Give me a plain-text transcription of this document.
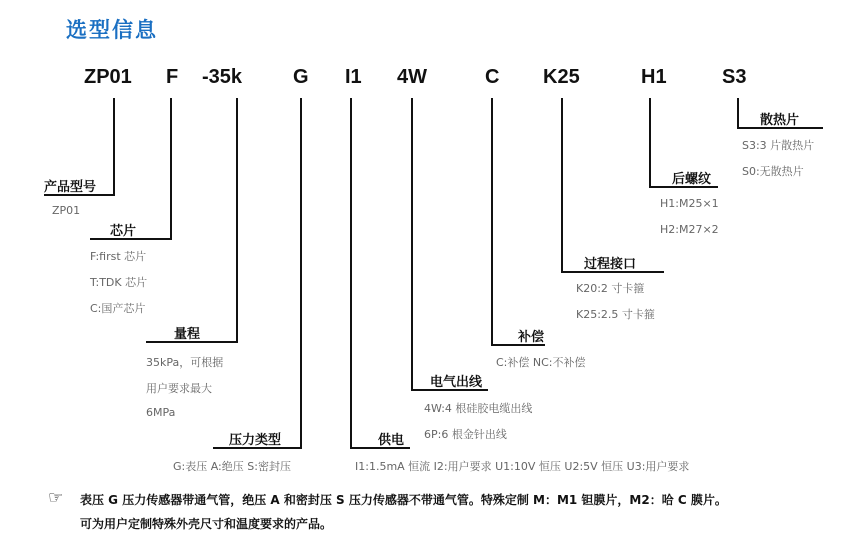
选型信息
ZP01 F -35k	G I1 4W	C K25	H1	S3
产品型号
ZP01
芯片
F:first 芯片
T:TDK 芯片
C:国产芯片
量程
35kPa，可根据
用户要求最大
6MPa
压力类型
G:表压 A:绝压 S:密封压
供电
I1:1.5mA 恒流 I2:用户要求 U1:10V 恒压 U2:5V 恒压 U3:用户要求
电气出线
4W:4 根硅胶电缆出线
6P:6 根金针出线
补偿
C:补偿 NC:不补偿
过程接口
K20:2 寸卡箍
K25:2.5 寸卡箍
后螺纹
H1:M25×1
H2:M27×2
散热片
S3:3 片散热片
S0:无散热片
☞ 表压 G 压力传感器带通气管，绝压 A 和密封压 S 压力传感器不带通气管。特殊定制 M：M1 钽膜片，M2：哈 C 膜片。
可为用户定制特殊外壳尺寸和温度要求的产品。
